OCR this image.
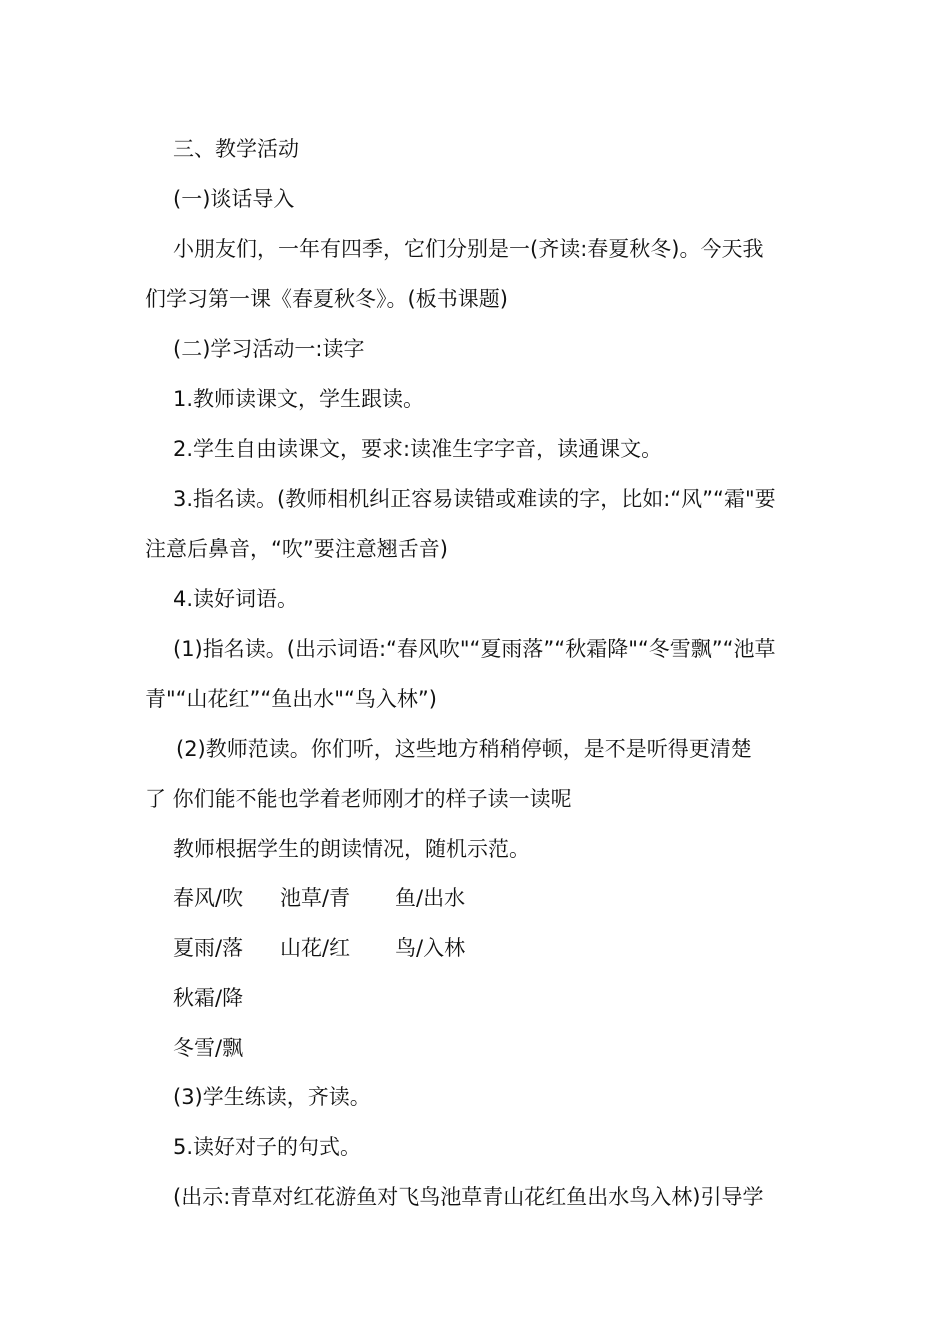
三、教学活动
(一)谈话导入
小朋友们，一年有四季，它们分别是一(齐读:春夏秋冬)。今天我
们学习第一课《春夏秋冬》。(板书课题)
(二)学习活动一:读字
1.教师读课文，学生跟读。
2.学生自由读课文，要求:读准生字字音，读通课文。
3.指名读。(教师相机纠正容易读错或难读的字，比如:“风”“霜"要
注意后鼻音，“吹”要注意翘舌音)
4.读好词语。
(1)指名读。(出示词语:“春风吹"“夏雨落”“秋霜降"“冬雪飘”“池草
青"“山花红”“鱼出水"“鸟入林”)
(2)教师范读。你们听，这些地方稍稍停顿，是不是听得更清楚
了 你们能不能也学着老师刚才的样子读一读呢
教师根据学生的朗读情况，随机示范。
春风/吹 池草/青 鱼/出水
夏雨/落 山花/红 鸟/入林
秋霜/降
冬雪/飘
(3)学生练读，齐读。
5.读好对子的句式。
(出示:青草对红花游鱼对飞鸟池草青山花红鱼出水鸟入林)引导学
